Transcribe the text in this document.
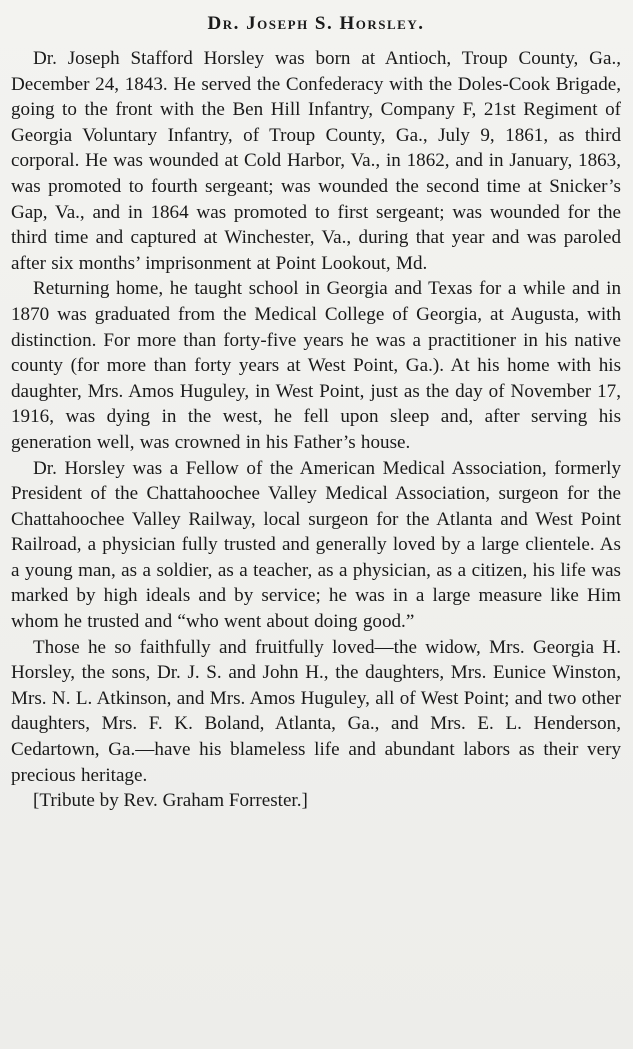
Dr. Joseph S. Horsley.

Dr. Joseph Stafford Horsley was born at Antioch, Troup County, Ga., December 24, 1843. He served the Confederacy with the Doles-Cook Brigade, going to the front with the Ben Hill Infantry, Company F, 21st Regiment of Georgia Voluntary Infantry, of Troup County, Ga., July 9, 1861, as third corporal. He was wounded at Cold Harbor, Va., in 1862, and in January, 1863, was promoted to fourth sergeant; was wounded the second time at Snicker’s Gap, Va., and in 1864 was promoted to first sergeant; was wounded for the third time and captured at Winchester, Va., during that year and was paroled after six months’ imprisonment at Point Lookout, Md.

Returning home, he taught school in Georgia and Texas for a while and in 1870 was graduated from the Medical College of Georgia, at Augusta, with distinction. For more than forty-five years he was a practitioner in his native county (for more than forty years at West Point, Ga.). At his home with his daughter, Mrs. Amos Huguley, in West Point, just as the day of November 17, 1916, was dying in the west, he fell upon sleep and, after serving his generation well, was crowned in his Father’s house.

Dr. Horsley was a Fellow of the American Medical Association, formerly President of the Chattahoochee Valley Medical Association, surgeon for the Chattahoochee Valley Railway, local surgeon for the Atlanta and West Point Railroad, a physician fully trusted and generally loved by a large clientele. As a young man, as a soldier, as a teacher, as a physician, as a citizen, his life was marked by high ideals and by service; he was in a large measure like Him whom he trusted and “who went about doing good.”

Those he so faithfully and fruitfully loved—the widow, Mrs. Georgia H. Horsley, the sons, Dr. J. S. and John H., the daughters, Mrs. Eunice Winston, Mrs. N. L. Atkinson, and Mrs. Amos Huguley, all of West Point; and two other daughters, Mrs. F. K. Boland, Atlanta, Ga., and Mrs. E. L. Henderson, Cedartown, Ga.—have his blameless life and abundant labors as their very precious heritage.

[Tribute by Rev. Graham Forrester.]
